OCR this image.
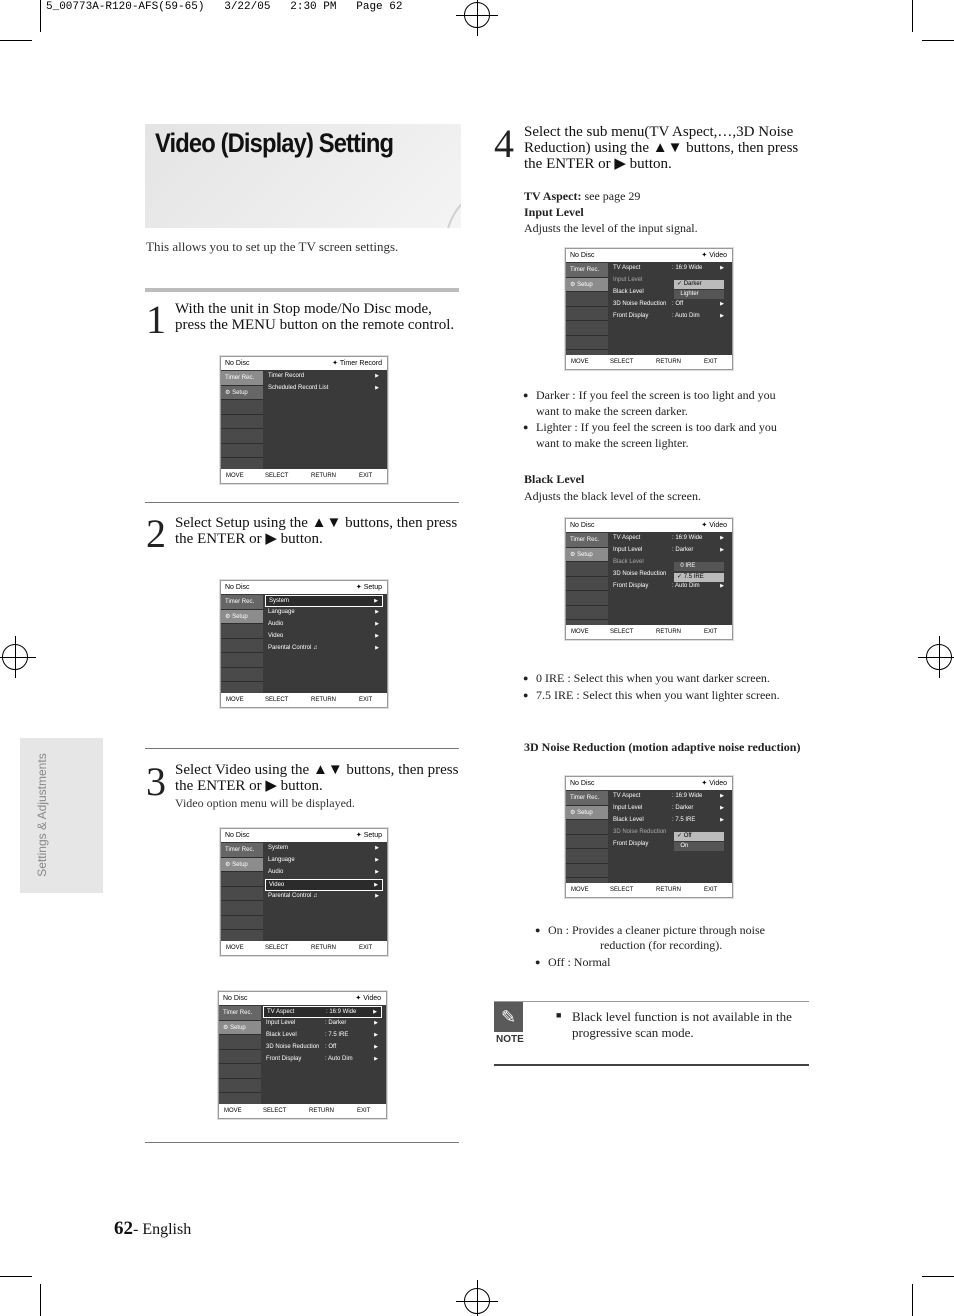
5_00773A-R120-AFS(59-65)   3/22/05   2:30 PM   Page 62
Video (Display) Setting
This allows you to set up the TV screen settings.
Settings & Adjustments
1 With the unit in Stop mode/No Disc mode, press the MENU button on the remote control.
No Disc	✦ Timer Record
Timer Rec.
⚙ Setup
Timer Record	▶
Scheduled Record List	▶
MOVE	SELECT	RETURN	EXIT
2 Select Setup using the ▲▼ buttons, then press the ENTER or ▶ button.
No Disc	✦ Setup
Timer Rec.
⚙ Setup
System	▶
Language	▶
Audio	▶
Video	▶
Parental Control ♫	▶
MOVE	SELECT	RETURN	EXIT
3 Select Video using the ▲▼ buttons, then press the ENTER or ▶ button.
Video option menu will be displayed.
No Disc	✦ Setup
Timer Rec.
⚙ Setup
System	▶
Language	▶
Audio	▶
Video	▶
Parental Control ♫	▶
MOVE	SELECT	RETURN	EXIT
No Disc	✦ Video
Timer Rec.
⚙ Setup
TV Aspect	: 16:9 Wide	▶
Input Level	: Darker	▶
Black Level	: 7.5 IRE	▶
3D Noise Reduction : Off	▶
Front Display	: Auto Dim	▶
MOVE	SELECT	RETURN	EXIT
62- English
4 Select the sub menu(TV Aspect,…,3D Noise Reduction) using the ▲▼ buttons, then press the ENTER or ▶ button.
TV Aspect: see page 29
Input Level
Adjusts the level of the input signal.
No Disc	✦ Video
Timer Rec.
⚙ Setup
TV Aspect	: 16:9 Wide	▶
Input Level
Black Level
3D Noise Reduction : Off	▶
Front Display	: Auto Dim	▶
✓ Darker
Lighter
MOVE	SELECT	RETURN	EXIT
● Darker : If you feel the screen is too light and you want to make the screen darker.
● Lighter : If you feel the screen is too dark and you want to make the screen lighter.
Black Level
Adjusts the black level of the screen.
No Disc	✦ Video
Timer Rec.
⚙ Setup
TV Aspect	: 16:9 Wide	▶
Input Level	: Darker	▶
Black Level
3D Noise Reduction
Front Display	: Auto Dim	▶
0 IRE
✓ 7.5 IRE
MOVE	SELECT	RETURN	EXIT
● 0 IRE : Select this when you want darker screen.
● 7.5 IRE : Select this when you want lighter screen.
3D Noise Reduction (motion adaptive noise reduction)
No Disc	✦ Video
Timer Rec.
⚙ Setup
TV Aspect	: 16:9 Wide	▶
Input Level	: Darker	▶
Black Level	: 7.5 IRE	▶
3D Noise Reduction
Front Display
✓ Off
On
MOVE	SELECT	RETURN	EXIT
● On : Provides a cleaner picture through noise
reduction (for recording).
● Off : Normal
✎
NOTE
■ Black level function is not available in the progressive scan mode.
